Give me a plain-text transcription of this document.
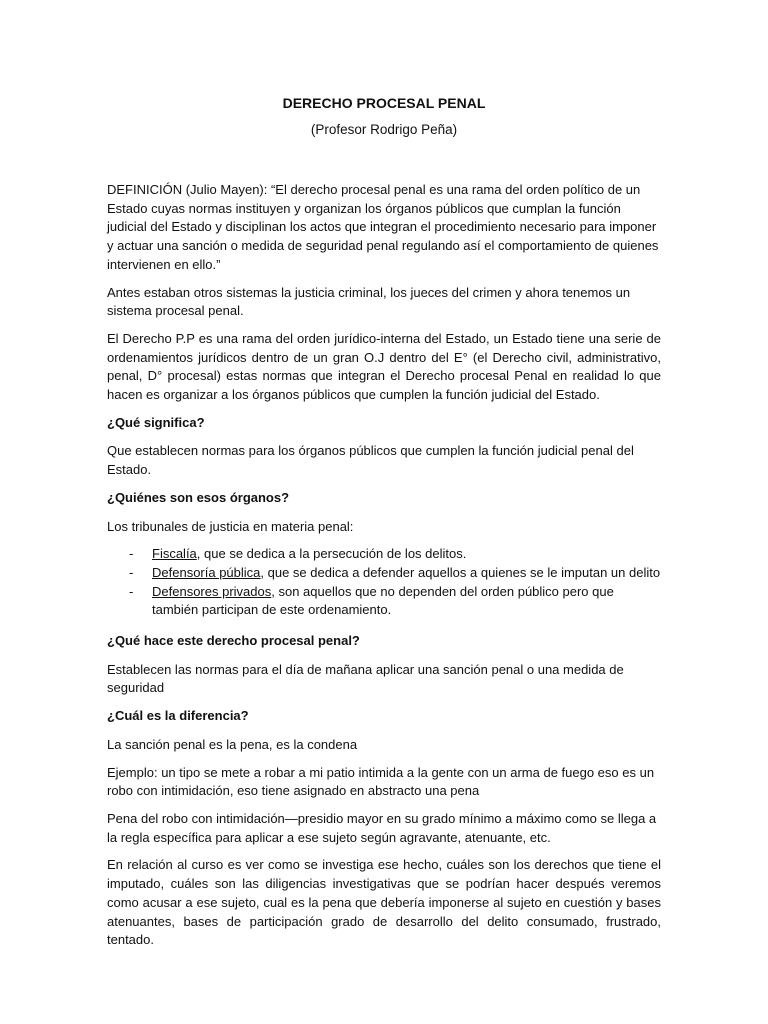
DERECHO PROCESAL PENAL
(Profesor Rodrigo Peña)

DEFINICIÓN (Julio Mayen): “El derecho procesal penal es una rama del orden político de un Estado cuyas normas instituyen y organizan los órganos públicos que cumplan la función judicial del Estado y disciplinan los actos que integran el procedimiento necesario para imponer y actuar una sanción o medida de seguridad penal regulando así el comportamiento de quienes intervienen en ello.”

Antes estaban otros sistemas la justicia criminal, los jueces del crimen y ahora tenemos un sistema procesal penal.

El Derecho P.P es una rama del orden jurídico-interna del Estado, un Estado tiene una serie de ordenamientos jurídicos dentro de un gran O.J dentro del E° (el Derecho civil, administrativo, penal, D° procesal) estas normas que integran el Derecho procesal Penal en realidad lo que hacen es organizar a los órganos públicos que cumplen la función judicial del Estado.

¿Qué significa?

Que establecen normas para los órganos públicos que cumplen la función judicial penal del Estado.

¿Quiénes son esos órganos?

Los tribunales de justicia en materia penal:

- Fiscalía, que se dedica a la persecución de los delitos.
- Defensoría pública, que se dedica a defender aquellos a quienes se le imputan un delito
- Defensores privados, son aquellos que no dependen del orden público pero que también participan de este ordenamiento.

¿Qué hace este derecho procesal penal?

Establecen las normas para el día de mañana aplicar una sanción penal o una medida de seguridad

¿Cuál es la diferencia?

La sanción penal es la pena, es la condena

Ejemplo: un tipo se mete a robar a mi patio intimida a la gente con un arma de fuego eso es un robo con intimidación, eso tiene asignado en abstracto una pena

Pena del robo con intimidación—presidio mayor en su grado mínimo a máximo como se llega a la regla específica para aplicar a ese sujeto según agravante, atenuante, etc.

En relación al curso es ver como se investiga ese hecho, cuáles son los derechos que tiene el imputado, cuáles son las diligencias investigativas que se podrían hacer después veremos como acusar a ese sujeto, cual es la pena que debería imponerse al sujeto en cuestión y bases atenuantes, bases de participación grado de desarrollo del delito consumado, frustrado, tentado.
